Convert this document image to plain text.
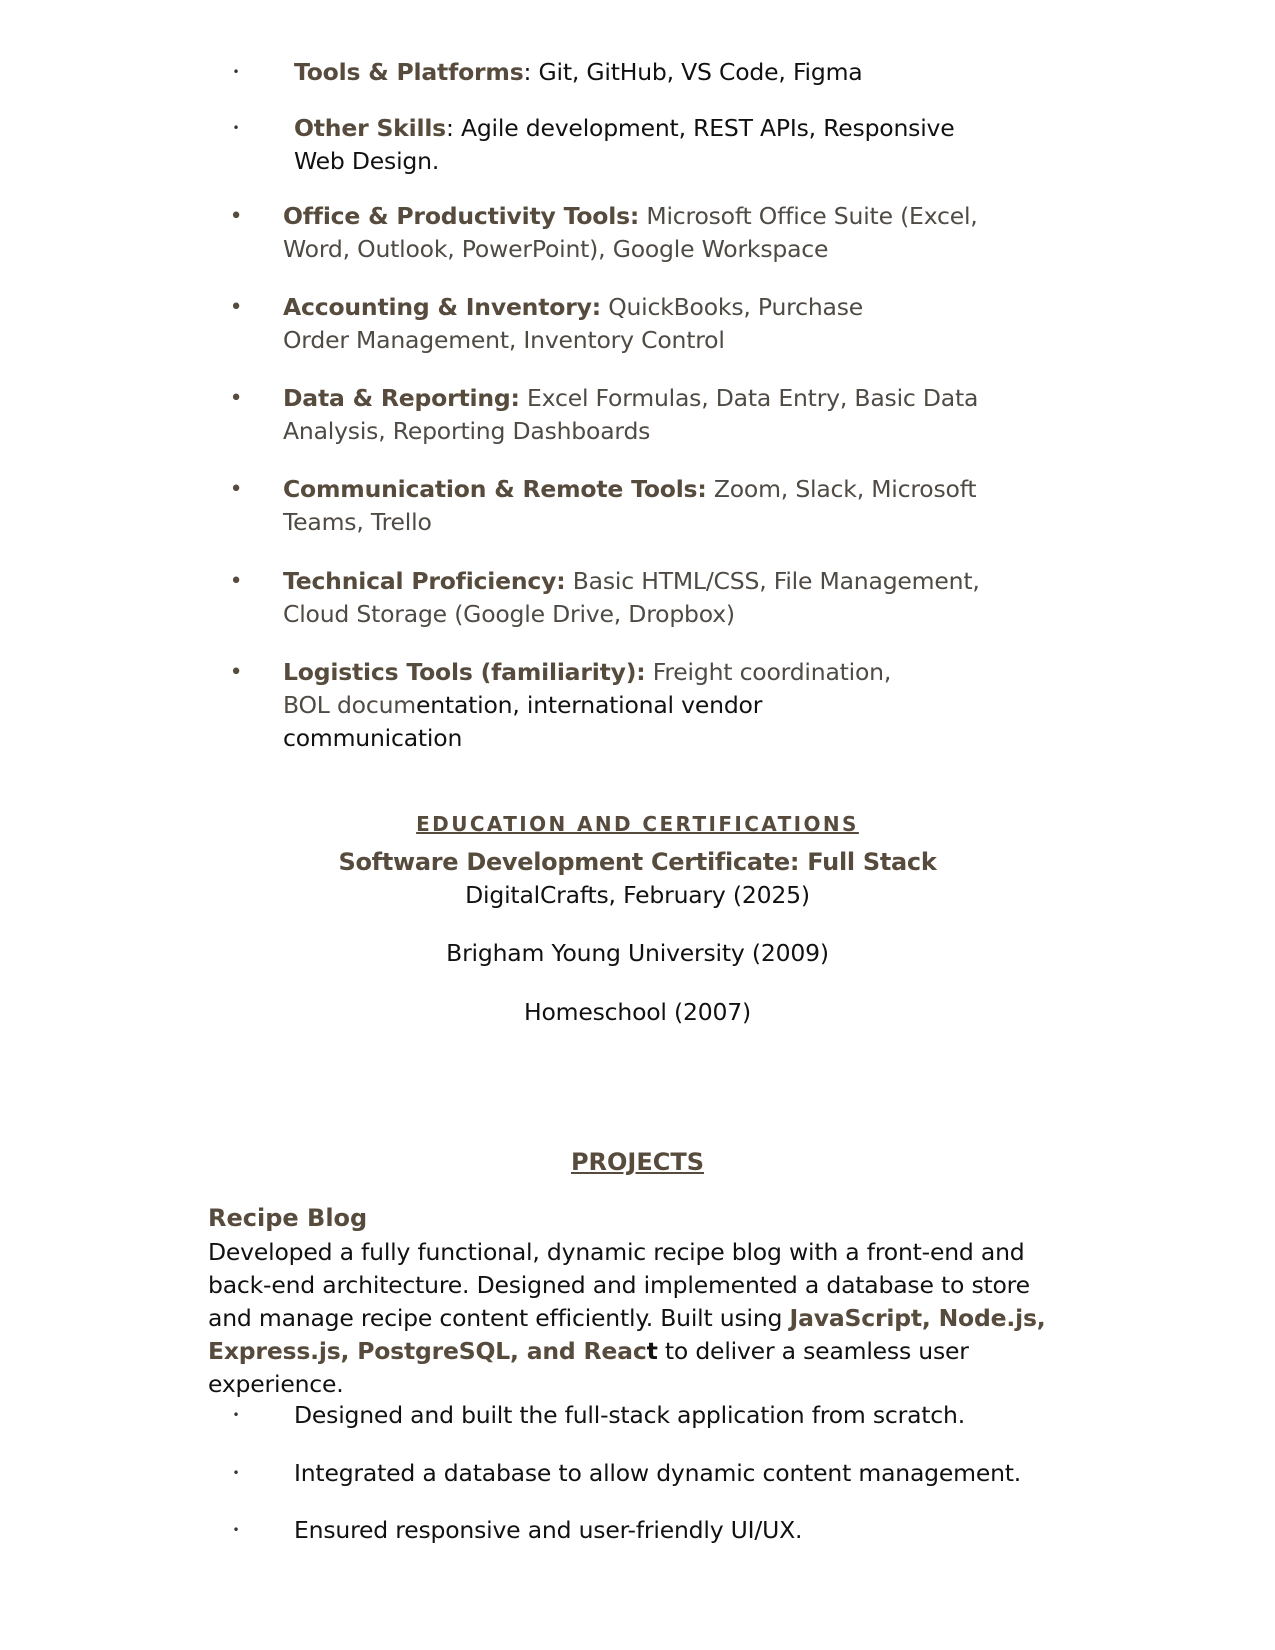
• Tools & Platforms: Git, GitHub, VS Code, Figma
• Other Skills: Agile development, REST APIs, Responsive Web Design.
• Office & Productivity Tools: Microsoft Office Suite (Excel, Word, Outlook, PowerPoint), Google Workspace
• Accounting & Inventory: QuickBooks, Purchase Order Management, Inventory Control
• Data & Reporting: Excel Formulas, Data Entry, Basic Data Analysis, Reporting Dashboards
• Communication & Remote Tools: Zoom, Slack, Microsoft Teams, Trello
• Technical Proficiency: Basic HTML/CSS, File Management, Cloud Storage (Google Drive, Dropbox)
• Logistics Tools (familiarity): Freight coordination, BOL documentation, international vendor communication
EDUCATION AND CERTIFICATIONS
Software Development Certificate: Full Stack
DigitalCrafts, February (2025)
Brigham Young University (2009)
Homeschool (2007)
PROJECTS
Recipe Blog
Developed a fully functional, dynamic recipe blog with a front-end and back-end architecture. Designed and implemented a database to store and manage recipe content efficiently. Built using JavaScript, Node.js, Express.js, PostgreSQL, and React to deliver a seamless user experience.
• Designed and built the full-stack application from scratch.
• Integrated a database to allow dynamic content management.
• Ensured responsive and user-friendly UI/UX.
